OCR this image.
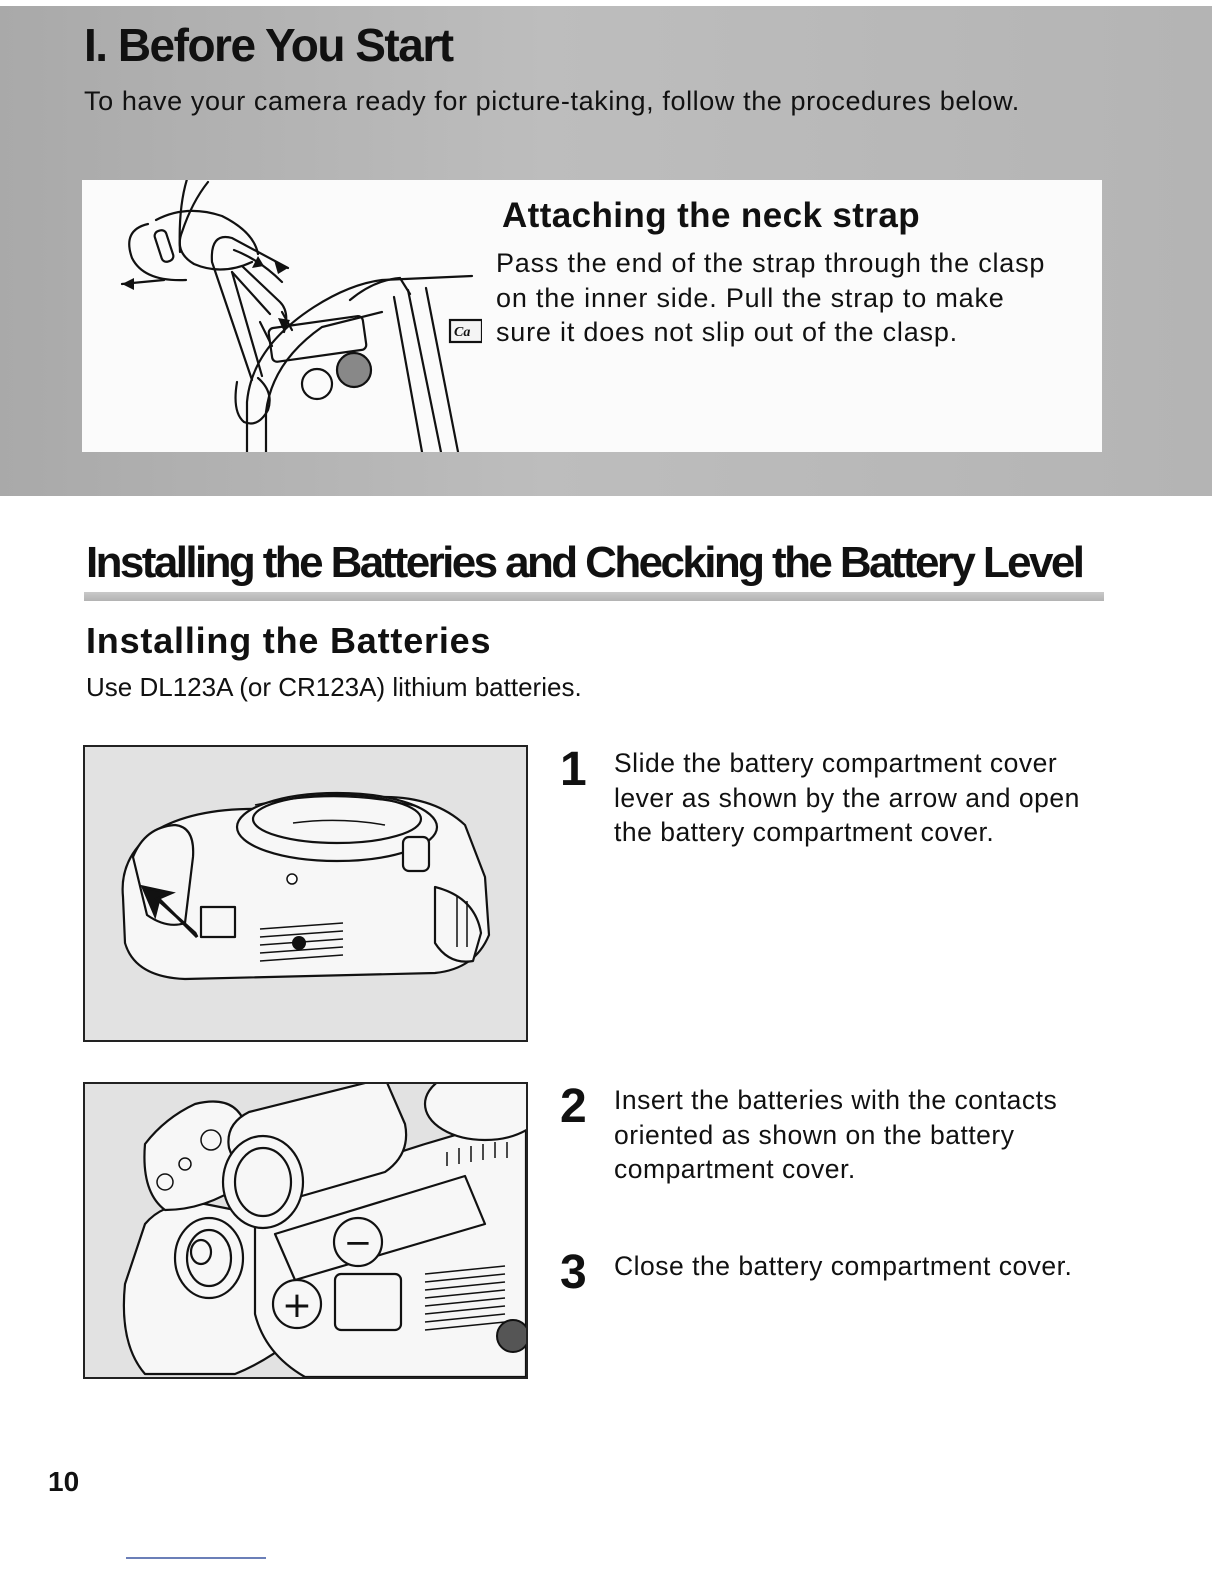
I. Before You Start

To have your camera ready for picture-taking, follow the procedures below.

Ca
Attaching the neck strap

Pass the end of the strap through the clasp on the inner side. Pull the strap to make sure it does not slip out of the clasp.

Installing the Batteries and Checking the Battery Level
Installing the Batteries

Use DL123A (or CR123A) lithium batteries.

−
+
1 Slide the battery compartment cover lever as shown by the arrow and open the battery compartment cover.

2 Insert the batteries with the contacts oriented as shown on the battery compartment cover.

3 Close the battery compartment cover.

10
